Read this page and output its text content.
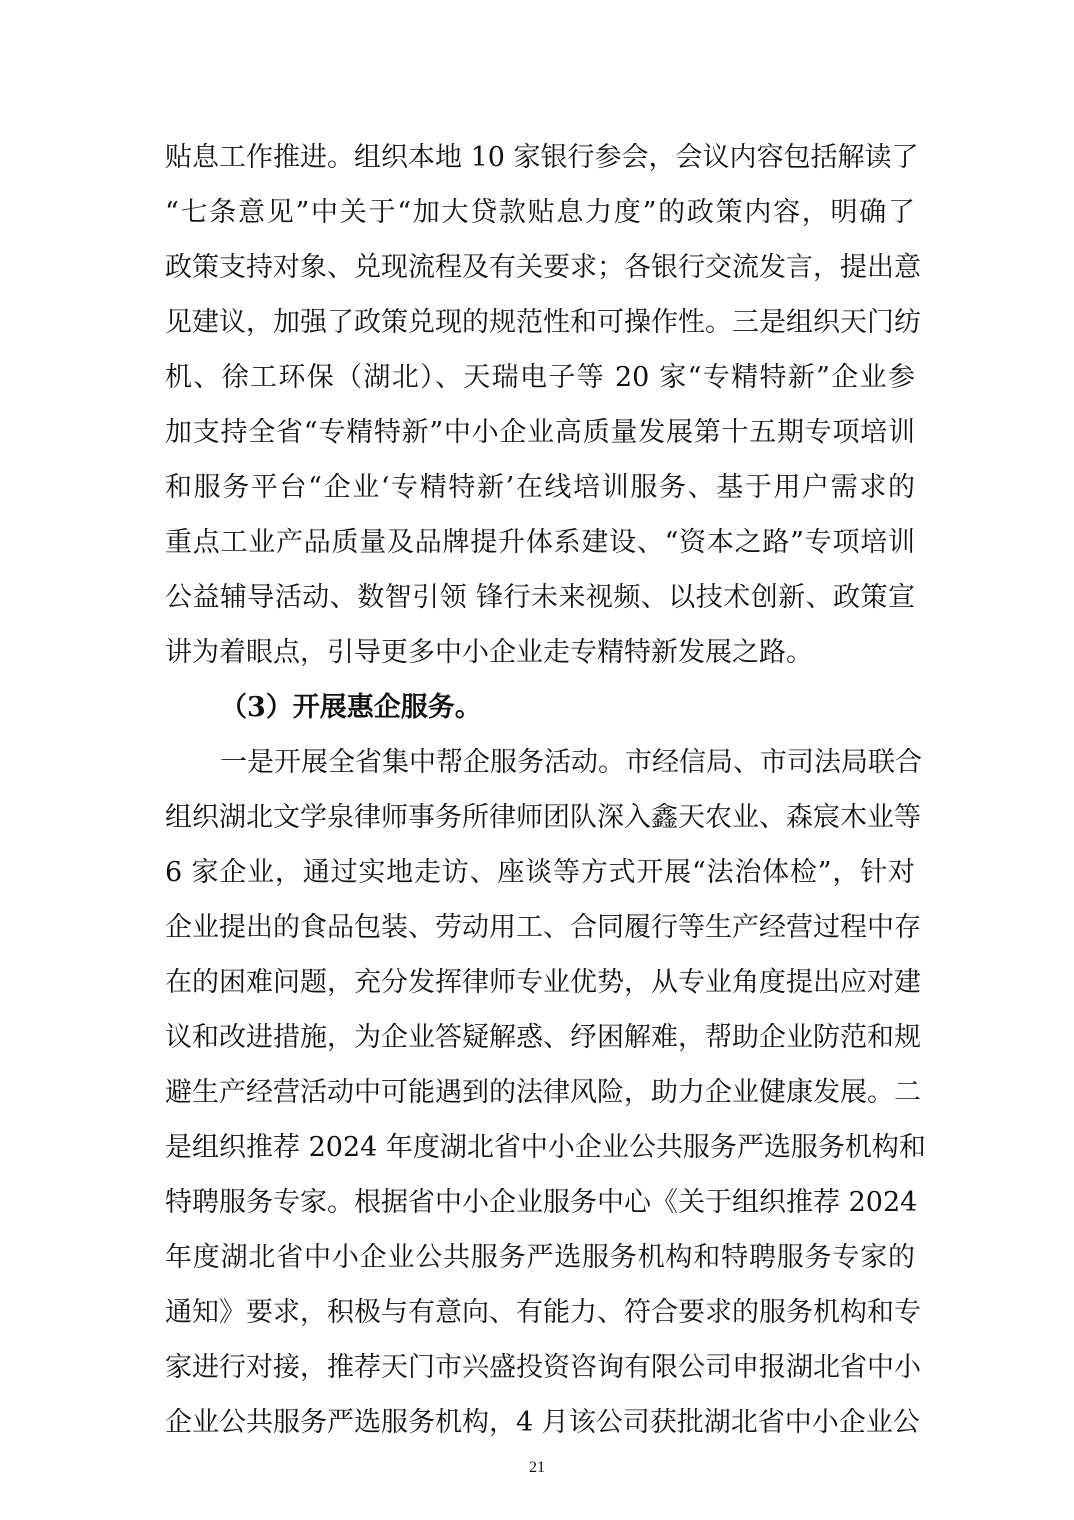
贴息工作推进。组织本地 10 家银行参会，会议内容包括解读了
“七条意见”中关于“加大贷款贴息力度”的政策内容，明确了
政策支持对象、兑现流程及有关要求；各银行交流发言，提出意
见建议，加强了政策兑现的规范性和可操作性。三是组织天门纺
机、徐工环保（湖北）、天瑞电子等 20 家“专精特新”企业参
加支持全省“专精特新”中小企业高质量发展第十五期专项培训
和服务平台“企业‘专精特新’在线培训服务、基于用户需求的
重点工业产品质量及品牌提升体系建设、“资本之路”专项培训
公益辅导活动、数智引领 锋行未来视频、以技术创新、政策宣
讲为着眼点，引导更多中小企业走专精特新发展之路。
（3）开展惠企服务。
一是开展全省集中帮企服务活动。市经信局、市司法局联合
组织湖北文学泉律师事务所律师团队深入鑫天农业、森宸木业等
6 家企业，通过实地走访、座谈等方式开展“法治体检”，针对
企业提出的食品包装、劳动用工、合同履行等生产经营过程中存
在的困难问题，充分发挥律师专业优势，从专业角度提出应对建
议和改进措施，为企业答疑解惑、纾困解难，帮助企业防范和规
避生产经营活动中可能遇到的法律风险，助力企业健康发展。二
是组织推荐 2024 年度湖北省中小企业公共服务严选服务机构和
特聘服务专家。根据省中小企业服务中心《关于组织推荐 2024
年度湖北省中小企业公共服务严选服务机构和特聘服务专家的
通知》要求，积极与有意向、有能力、符合要求的服务机构和专
家进行对接，推荐天门市兴盛投资咨询有限公司申报湖北省中小
企业公共服务严选服务机构，4 月该公司获批湖北省中小企业公
21
